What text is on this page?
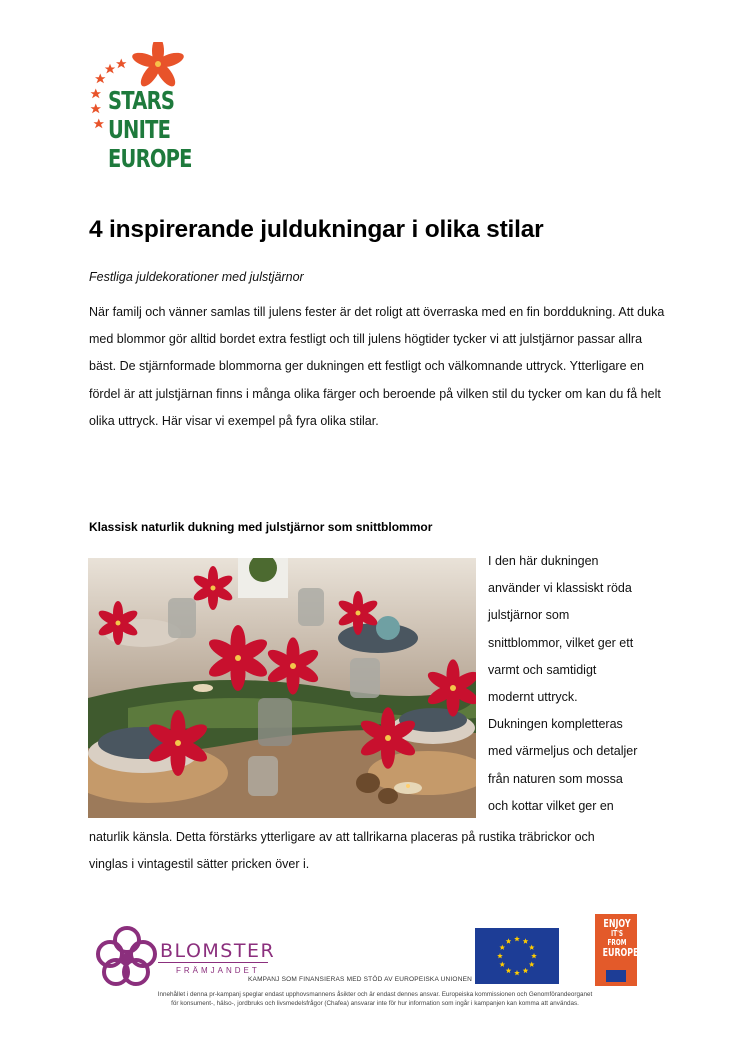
STARS
UNITE
EUROPE
4 inspirerande juldukningar i olika stilar
Festliga juldekorationer med julstjärnor
När familj och vänner samlas till julens fester är det roligt att överraska med en fin borddukning. Att duka med blommor gör alltid bordet extra festligt och till julens högtider tycker vi att julstjärnor passar allra bäst. De stjärnformade blommorna ger dukningen ett festligt och välkomnande uttryck. Ytterligare en fördel är att julstjärnan finns i många olika färger och beroende på vilken stil du tycker om kan du få helt olika uttryck. Här visar vi exempel på fyra olika stilar.
Klassisk naturlik dukning med julstjärnor som snittblommor
I den här dukningen
använder vi klassiskt röda
julstjärnor som
snittblommor, vilket ger ett
varmt och samtidigt
modernt uttryck.
Dukningen kompletteras
med värmeljus och detaljer
från naturen som mossa
och kottar vilket ger en
naturlik känsla. Detta förstärks ytterligare av att tallrikarna placeras på rustika träbrickor och
vinglas i vintagestil sätter pricken över i.
BLOMSTER
FRÄMJANDET
KAMPANJ SOM FINANSIERAS MED STÖD AV EUROPEISKA UNIONEN
ENJOY
IT'S FROM
EUROPE
Innehållet i denna pr-kampanj speglar endast upphovsmannens åsikter och är endast dennes ansvar. Europeiska kommissionen och Genomförandeorganet
för konsument-, hälso-, jordbruks och livsmedelsfrågor (Chafea) ansvarar inte för hur information som ingår i kampanjen kan komma att användas.
